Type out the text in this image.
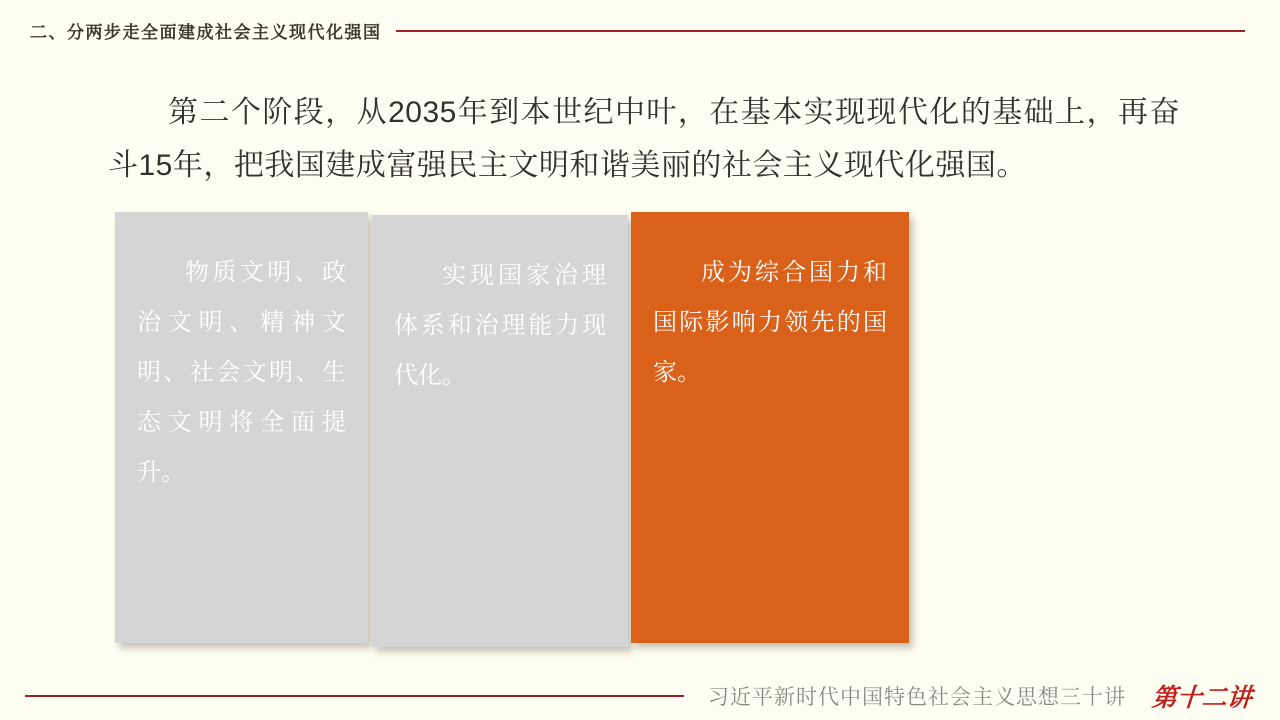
二、分两步走全面建成社会主义现代化强国
第二个阶段，从2035年到本世纪中叶，在基本实现现代化的基础上，再奋斗15年，把我国建成富强民主文明和谐美丽的社会主义现代化强国。
物质文明、政治文明、精神文明、社会文明、生态文明将全面提升。
实现国家治理体系和治理能力现代化。
成为综合国力和国际影响力领先的国家。
习近平新时代中国特色社会主义思想三十讲 第十二讲
